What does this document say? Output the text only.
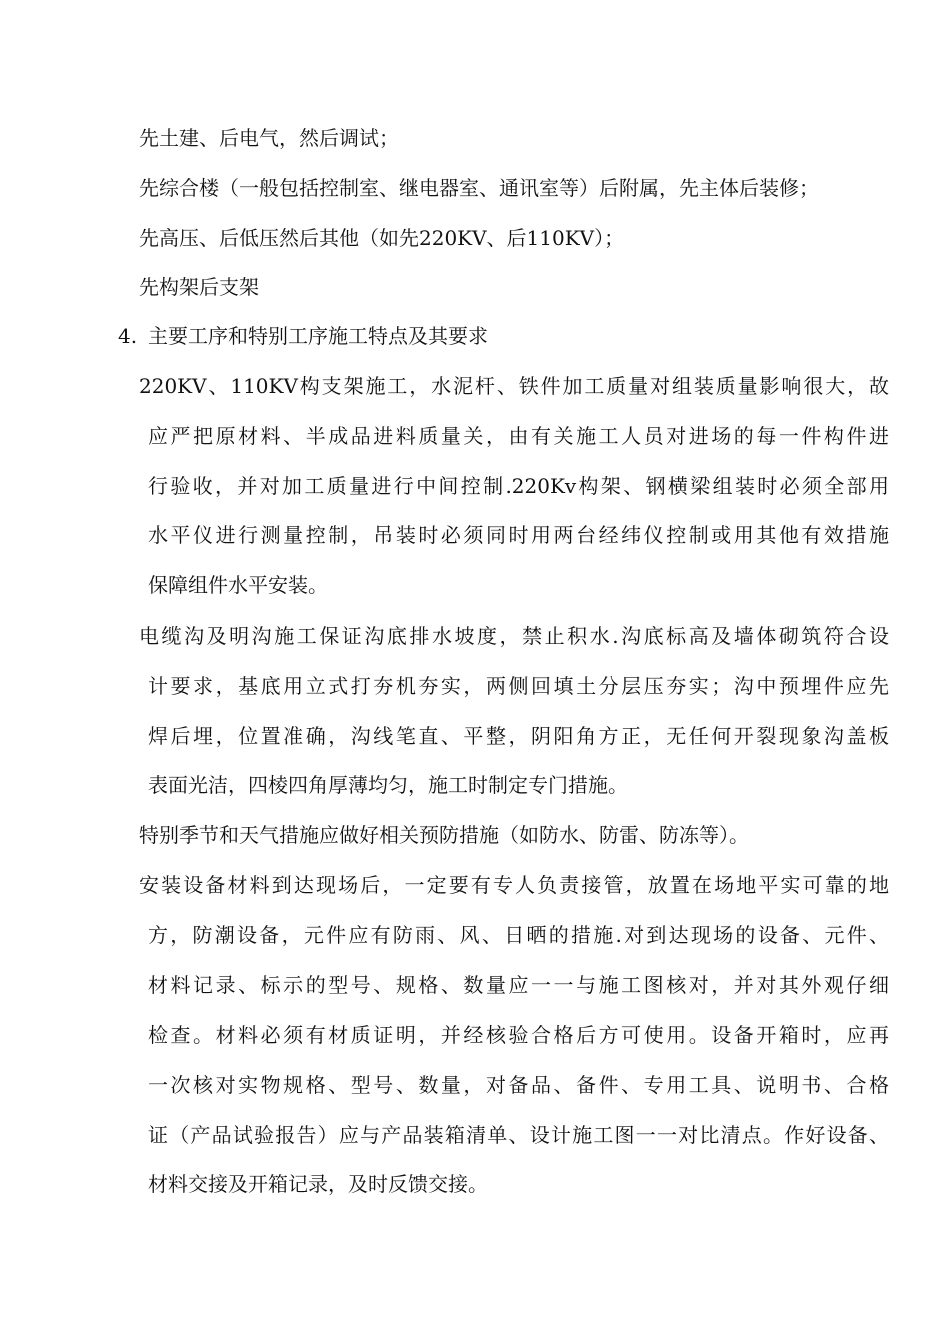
先土建、后电气，然后调试；

先综合楼（一般包括控制室、继电器室、通讯室等）后附属，先主体后装修；

先高压、后低压然后其他（如先220KV、后110KV）；

先构架后支架

4. 主要工序和特别工序施工特点及其要求

220KV、110KV构支架施工，水泥杆、铁件加工质量对组装质量影响很大，故

应严把原材料、半成品进料质量关，由有关施工人员对进场的每一件构件进

行验收，并对加工质量进行中间控制.220Kv构架、钢横梁组装时必须全部用

水平仪进行测量控制，吊装时必须同时用两台经纬仪控制或用其他有效措施

保障组件水平安装。

电缆沟及明沟施工保证沟底排水坡度，禁止积水.沟底标高及墙体砌筑符合设

计要求，基底用立式打夯机夯实，两侧回填土分层压夯实；沟中预埋件应先

焊后埋，位置准确，沟线笔直、平整，阴阳角方正，无任何开裂现象沟盖板

表面光洁，四棱四角厚薄均匀，施工时制定专门措施。

特别季节和天气措施应做好相关预防措施（如防水、防雷、防冻等）。

安装设备材料到达现场后，一定要有专人负责接管，放置在场地平实可靠的地

方，防潮设备，元件应有防雨、风、日晒的措施.对到达现场的设备、元件、

材料记录、标示的型号、规格、数量应一一与施工图核对，并对其外观仔细

检查。材料必须有材质证明，并经核验合格后方可使用。设备开箱时，应再

一次核对实物规格、型号、数量，对备品、备件、专用工具、说明书、合格

证（产品试验报告）应与产品装箱清单、设计施工图一一对比清点。作好设备、

材料交接及开箱记录，及时反馈交接。
